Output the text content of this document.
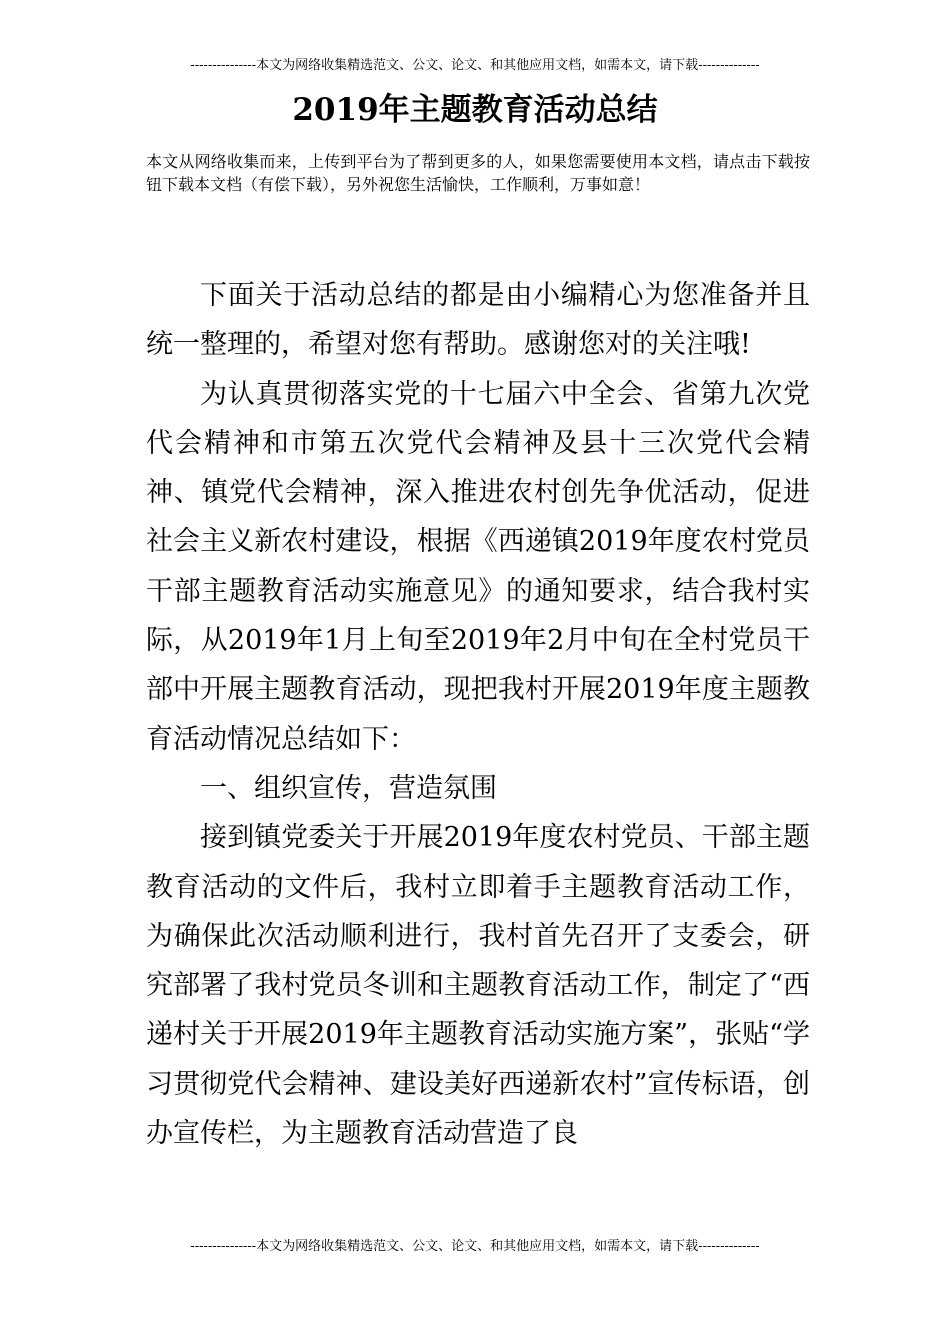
---------------本文为网络收集精选范文、公文、论文、和其他应用文档，如需本文，请下载--------------
2019年主题教育活动总结

本文从网络收集而来，上传到平台为了帮到更多的人，如果您需要使用本文档，请点击下载按钮下载本文档（有偿下载），另外祝您生活愉快，工作顺利，万事如意！

下面关于活动总结的都是由小编精心为您准备并且统一整理的，希望对您有帮助。感谢您对的关注哦!

为认真贯彻落实党的十七届六中全会、省第九次党代会精神和市第五次党代会精神及县十三次党代会精神、镇党代会精神，深入推进农村创先争优活动，促进社会主义新农村建设，根据《西递镇2019年度农村党员干部主题教育活动实施意见》的通知要求，结合我村实际，从2019年1月上旬至2019年2月中旬在全村党员干部中开展主题教育活动，现把我村开展2019年度主题教育活动情况总结如下：

一、组织宣传，营造氛围

接到镇党委关于开展2019年度农村党员、干部主题教育活动的文件后，我村立即着手主题教育活动工作，为确保此次活动顺利进行，我村首先召开了支委会，研究部署了我村党员冬训和主题教育活动工作，制定了“西递村关于开展2019年主题教育活动实施方案”，张贴“学习贯彻党代会精神、建设美好西递新农村”宣传标语，创办宣传栏，为主题教育活动营造了良

---------------本文为网络收集精选范文、公文、论文、和其他应用文档，如需本文，请下载--------------
